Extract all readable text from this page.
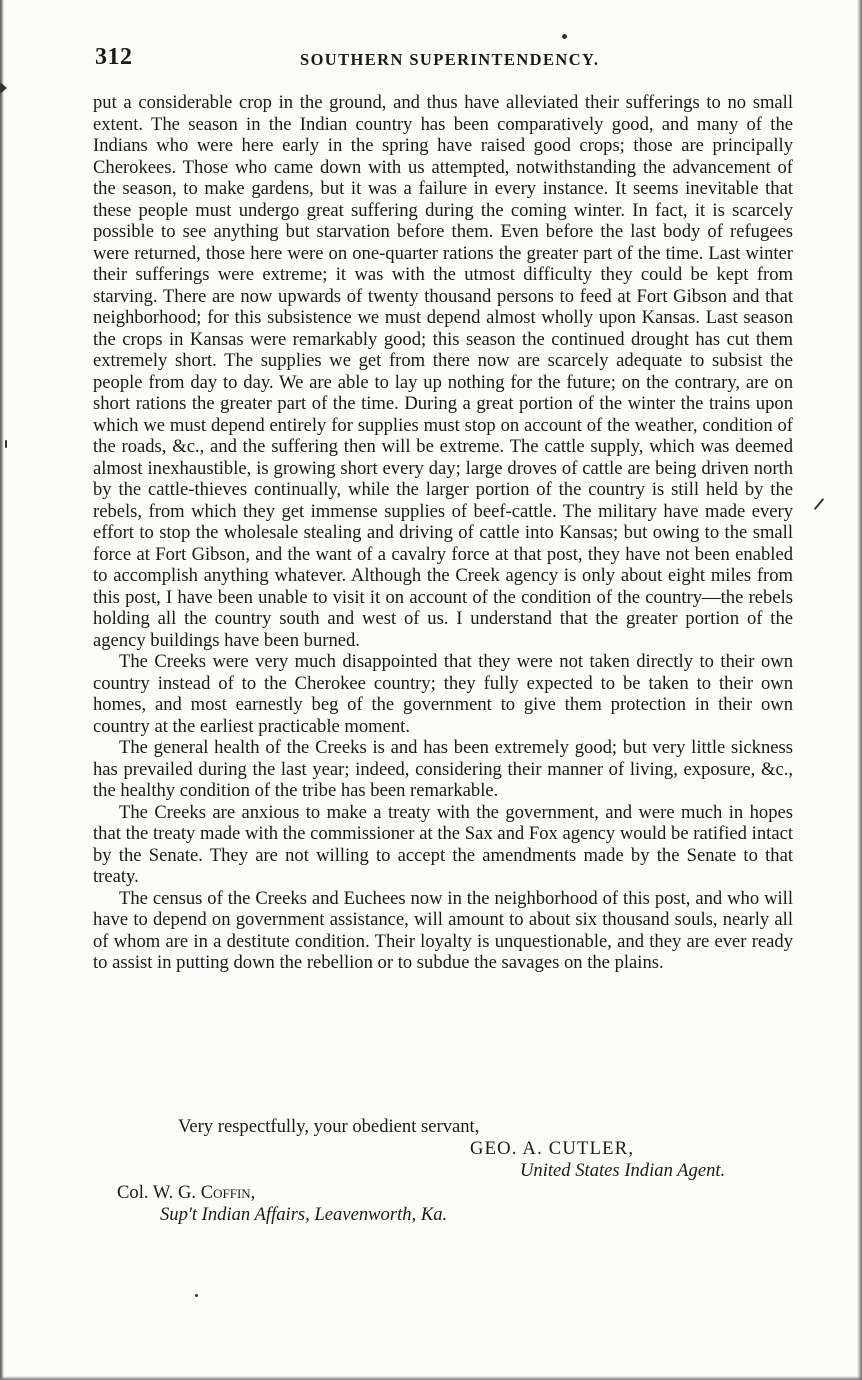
312	SOUTHERN SUPERINTENDENCY.

put a considerable crop in the ground, and thus have alleviated their sufferings to no small extent. The season in the Indian country has been comparatively good, and many of the Indians who were here early in the spring have raised good crops; those are principally Cherokees. Those who came down with us attempted, notwithstanding the advancement of the season, to make gardens, but it was a failure in every instance. It seems inevitable that these people must undergo great suffering during the coming winter. In fact, it is scarcely possible to see anything but starvation before them. Even before the last body of refugees were returned, those here were on one-quarter rations the greater part of the time. Last winter their sufferings were extreme; it was with the utmost difficulty they could be kept from starving. There are now upwards of twenty thousand persons to feed at Fort Gibson and that neighborhood; for this subsistence we must depend almost wholly upon Kansas. Last season the crops in Kansas were remarkably good; this season the continued drought has cut them extremely short. The supplies we get from there now are scarcely adequate to subsist the people from day to day. We are able to lay up nothing for the future; on the contrary, are on short rations the greater part of the time. During a great portion of the winter the trains upon which we must depend entirely for supplies must stop on account of the weather, condition of the roads, &c., and the suffering then will be extreme. The cattle supply, which was deemed almost inexhaustible, is growing short every day; large droves of cattle are being driven north by the cattle-thieves continually, while the larger portion of the country is still held by the rebels, from which they get immense supplies of beef-cattle. The military have made every effort to stop the wholesale stealing and driving of cattle into Kansas; but owing to the small force at Fort Gibson, and the want of a cavalry force at that post, they have not been enabled to accomplish anything whatever. Although the Creek agency is only about eight miles from this post, I have been unable to visit it on account of the condition of the country—the rebels holding all the country south and west of us. I understand that the greater portion of the agency buildings have been burned.

The Creeks were very much disappointed that they were not taken directly to their own country instead of to the Cherokee country; they fully expected to be taken to their own homes, and most earnestly beg of the government to give them protection in their own country at the earliest practicable moment.

The general health of the Creeks is and has been extremely good; but very little sickness has prevailed during the last year; indeed, considering their manner of living, exposure, &c., the healthy condition of the tribe has been remarkable.

The Creeks are anxious to make a treaty with the government, and were much in hopes that the treaty made with the commissioner at the Sax and Fox agency would be ratified intact by the Senate. They are not willing to accept the amendments made by the Senate to that treaty.

The census of the Creeks and Euchees now in the neighborhood of this post, and who will have to depend on government assistance, will amount to about six thousand souls, nearly all of whom are in a destitute condition. Their loyalty is unquestionable, and they are ever ready to assist in putting down the rebellion or to subdue the savages on the plains.

Very respectfully, your obedient servant,
GEO. A. CUTLER,
United States Indian Agent.
Col. W. G. Coffin,
Sup't Indian Affairs, Leavenworth, Ka.
